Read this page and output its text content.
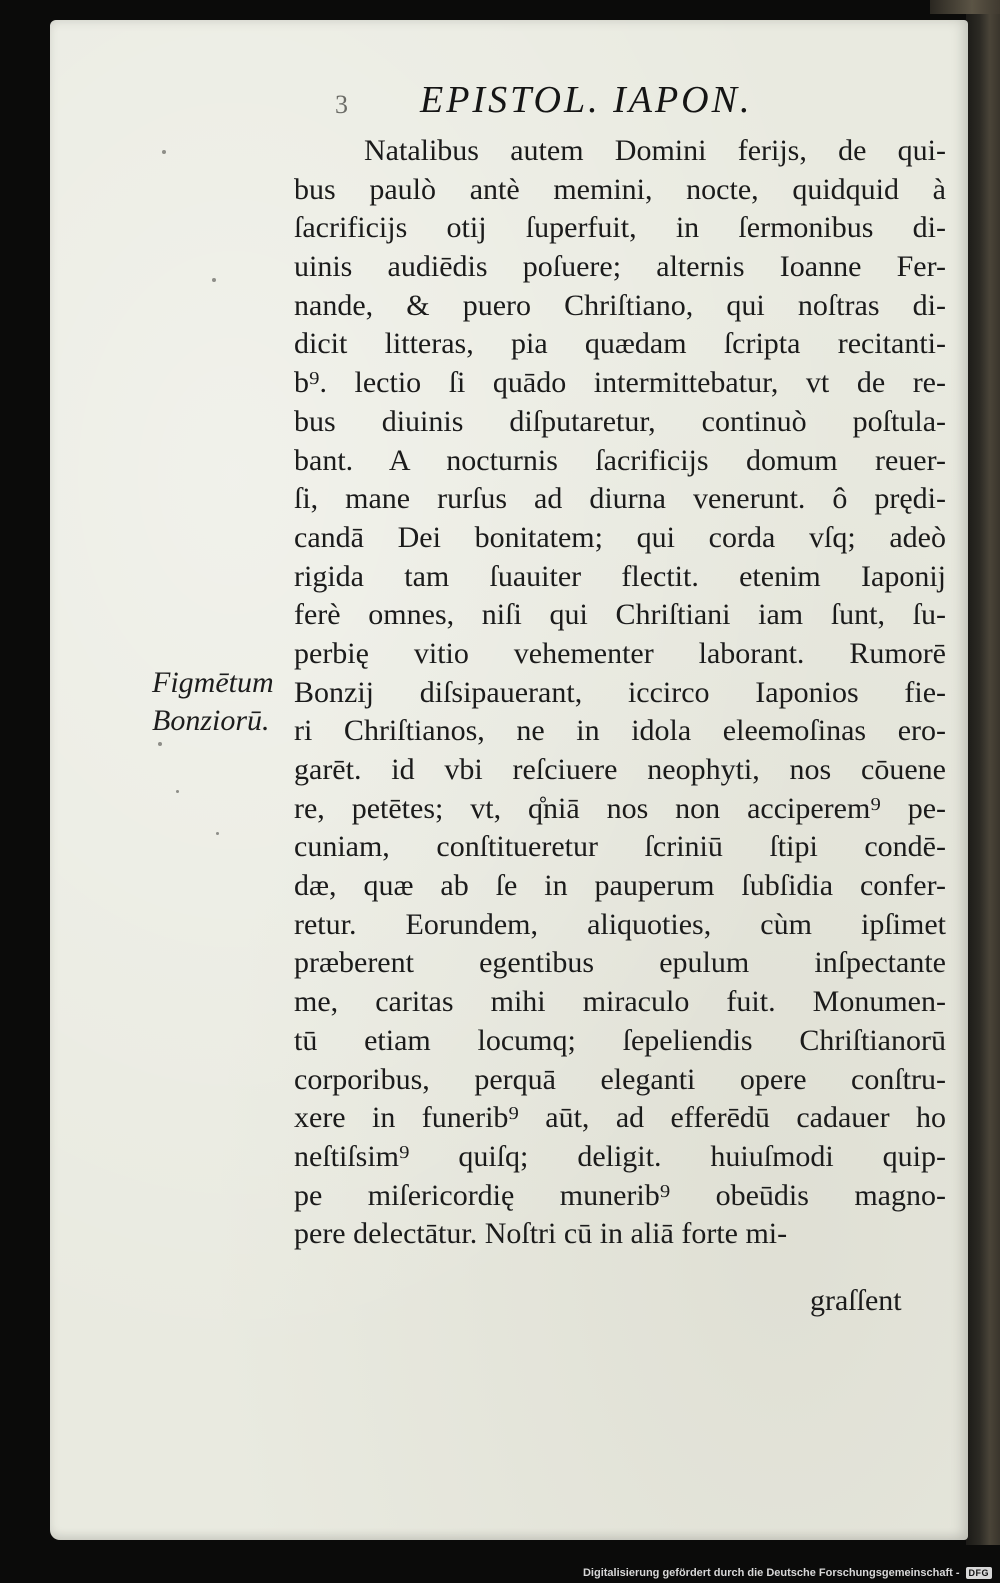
3 EPISTOL. IAPON.
Figmētum
Bonziorū.
Natalibus autem Domini ferijs, de qui-
bus paulò antè memini, nocte, quidquid à
ſacrificijs otij ſuperfuit, in ſermonibus di-
uinis audiēdis poſuere; alternis Ioanne Fer-
nande, & puero Chriſtiano, qui noſtras di-
dicit litteras, pia quædam ſcripta recitanti-
b⁹. lectio ſi quādo intermittebatur, vt de re-
bus diuinis diſputaretur, continuò poſtula-
bant. A nocturnis ſacrificijs domum reuer-
ſi, mane rurſus ad diurna venerunt. ô prędi-
candā Dei bonitatem; qui corda vſq; adeò
rigida tam ſuauiter flectit. etenim Iaponij
ferè omnes, niſi qui Chriſtiani iam ſunt, ſu-
perbię vitio vehementer laborant. Rumorē
Bonzij diſsipauerant, iccirco Iaponios fie-
ri Chriſtianos, ne in idola eleemoſinas ero-
garēt. id vbi reſciuere neophyti, nos cōuene
re, petētes; vt, q̊niā nos non acciperem⁹ pe-
cuniam, conſtitueretur ſcriniū ſtipi condē-
dæ, quæ ab ſe in pauperum ſubſidia confer-
retur. Eorundem, aliquoties, cùm ipſimet
præberent egentibus epulum inſpectante
me, caritas mihi miraculo fuit. Monumen-
tū etiam locumq; ſepeliendis Chriſtianorū
corporibus, perquā eleganti opere conſtru-
xere in funerib⁹ aūt, ad efferēdū cadauer ho
neſtiſsim⁹ quiſq; deligit. huiuſmodi quip-
pe miſericordię munerib⁹ obeūdis magno-
pere delectātur. Noſtri cū in aliā forte mi-
graſſent
Digitalisierung gefördert durch die Deutsche Forschungsgemeinschaft -	DFG
